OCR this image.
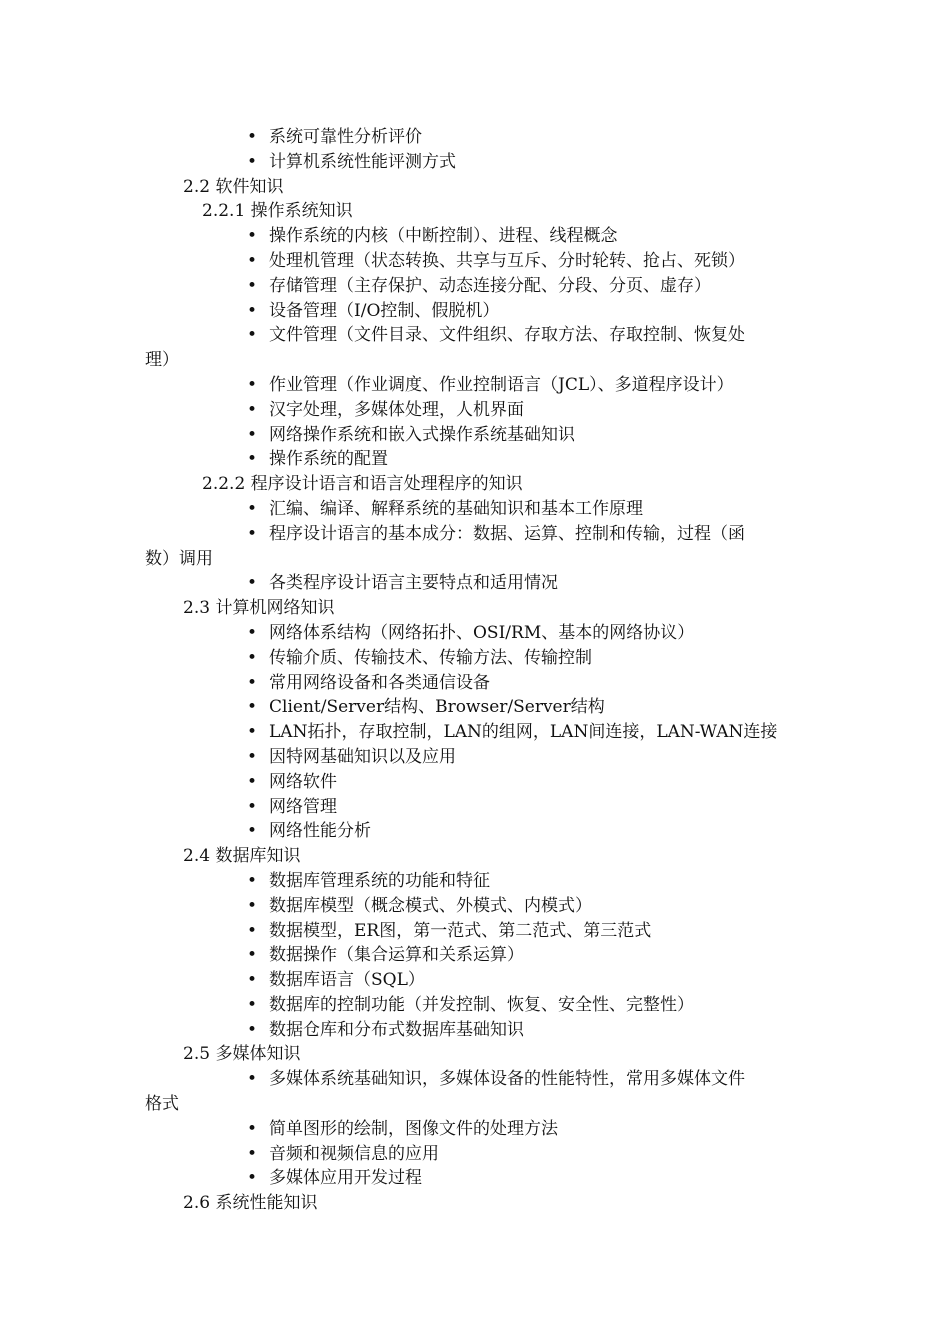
• 系统可靠性分析评价
• 计算机系统性能评测方式
2.2 软件知识
2.2.1 操作系统知识
• 操作系统的内核（中断控制）、进程、线程概念
• 处理机管理（状态转换、共享与互斥、分时轮转、抢占、死锁）
• 存储管理（主存保护、动态连接分配、分段、分页、虚存）
• 设备管理（I/O控制、假脱机）
• 文件管理（文件目录、文件组织、存取方法、存取控制、恢复处
理）
• 作业管理（作业调度、作业控制语言（JCL）、多道程序设计）
• 汉字处理，多媒体处理，人机界面
• 网络操作系统和嵌入式操作系统基础知识
• 操作系统的配置
2.2.2 程序设计语言和语言处理程序的知识
• 汇编、编译、解释系统的基础知识和基本工作原理
• 程序设计语言的基本成分：数据、运算、控制和传输，过程（函
数）调用
• 各类程序设计语言主要特点和适用情况
2.3 计算机网络知识
• 网络体系结构（网络拓扑、OSI/RM、基本的网络协议）
• 传输介质、传输技术、传输方法、传输控制
• 常用网络设备和各类通信设备
• Client/Server结构、Browser/Server结构
• LAN拓扑，存取控制，LAN的组网，LAN间连接，LAN-WAN连接
• 因特网基础知识以及应用
• 网络软件
• 网络管理
• 网络性能分析
2.4 数据库知识
• 数据库管理系统的功能和特征
• 数据库模型（概念模式、外模式、内模式）
• 数据模型，ER图，第一范式、第二范式、第三范式
• 数据操作（集合运算和关系运算）
• 数据库语言（SQL）
• 数据库的控制功能（并发控制、恢复、安全性、完整性）
• 数据仓库和分布式数据库基础知识
2.5 多媒体知识
• 多媒体系统基础知识，多媒体设备的性能特性，常用多媒体文件
格式
• 简单图形的绘制，图像文件的处理方法
• 音频和视频信息的应用
• 多媒体应用开发过程
2.6 系统性能知识
